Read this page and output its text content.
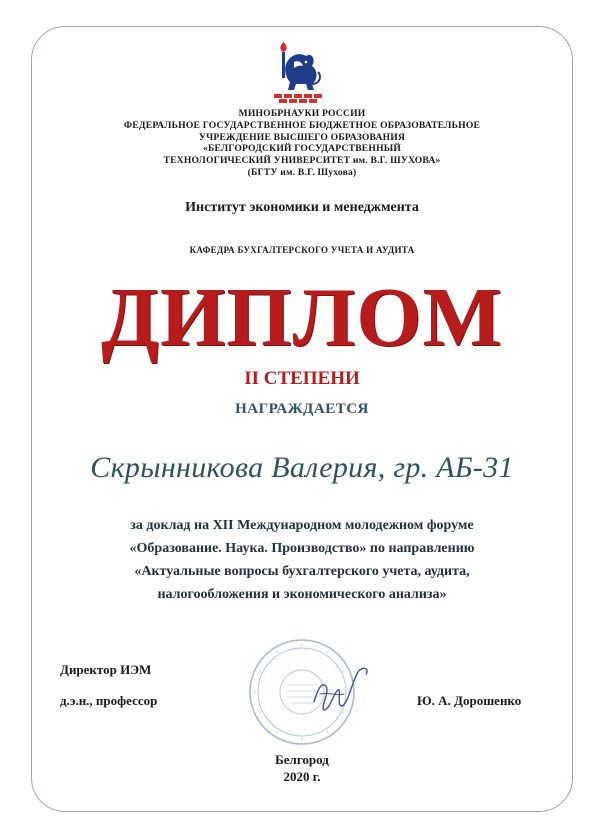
МИНОБРНАУКИ РОССИИ
ФЕДЕРАЛЬНОЕ ГОСУДАРСТВЕННОЕ БЮДЖЕТНОЕ ОБРАЗОВАТЕЛЬНОЕ
УЧРЕЖДЕНИЕ ВЫСШЕГО ОБРАЗОВАНИЯ
«БЕЛГОРОДСКИЙ ГОСУДАРСТВЕННЫЙ
ТЕХНОЛОГИЧЕСКИЙ УНИВЕРСИТЕТ им. В.Г. ШУХОВА»
(БГТУ им. В.Г. Шухова)
Институт экономики и менеджмента
КАФЕДРА БУХГАЛТЕРСКОГО УЧЕТА И АУДИТА
ДИПЛОМ
II СТЕПЕНИ
НАГРАЖДАЕТСЯ
Скрынникова Валерия, гр. АБ-31
за доклад на XII Международном молодежном форуме
«Образование. Наука. Производство» по направлению
«Актуальные вопросы бухгалтерского учета, аудита,
налогообложения и экономического анализа»
Директор ИЭМ
д.э.н., профессор	Ю. А. Дорошенко
Белгород
2020 г.
